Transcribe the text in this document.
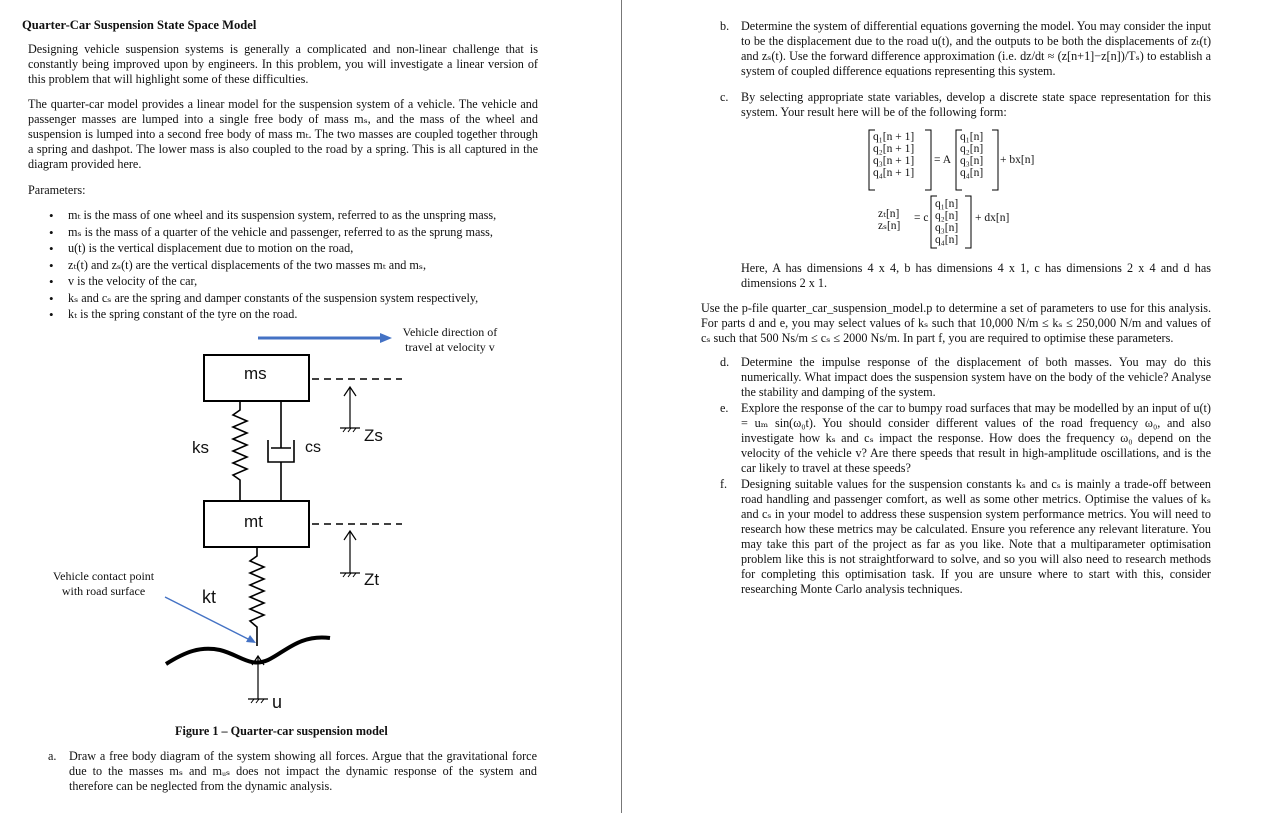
Quarter-Car Suspension State Space Model
Designing vehicle suspension systems is generally a complicated and non-linear challenge that is constantly being improved upon by engineers. In this problem, you will investigate a linear version of this problem that will highlight some of these difficulties.
The quarter-car model provides a linear model for the suspension system of a vehicle. The vehicle and passenger masses are lumped into a single free body of mass mₛ, and the mass of the wheel and suspension is lumped into a second free body of mass mₜ. The two masses are coupled together through a spring and dashpot. The lower mass is also coupled to the road by a spring. This is all captured in the diagram provided here.
Parameters:
• mₜ is the mass of one wheel and its suspension system, referred to as the unspring mass,
• mₛ is the mass of a quarter of the vehicle and passenger, referred to as the sprung mass,
• u(t) is the vertical displacement due to motion on the road,
• zₜ(t) and zₛ(t) are the vertical displacements of the two masses mₜ and mₛ,
• v is the velocity of the car,
• kₛ and cₛ are the spring and damper constants of the suspension system respectively,
• kₜ is the spring constant of the tyre on the road.
Vehicle direction of travel at velocity v
ms
mt
ks	cs
Zs
Zt
kt
u
Vehicle contact point with road surface
Figure 1 – Quarter-car suspension model
a.	Draw a free body diagram of the system showing all forces. Argue that the gravitational force due to the masses mₛ and mᵤₛ does not impact the dynamic response of the system and therefore can be neglected from the dynamic analysis.
b. Determine the system of differential equations governing the model. You may consider the input to be the displacement due to the road u(t), and the outputs to be both the displacements of zₜ(t) and zₛ(t). Use the forward difference approximation (i.e. dz/dt ≈ (z[n+1]−z[n])/Tₛ) to establish a system of coupled difference equations representing this system.
c.	By selecting appropriate state variables, develop a discrete state space representation for this system. Your result here will be of the following form:
q₁[n + 1]
q₂[n + 1]
q₃[n + 1]
q₄[n + 1]
= A
q₁[n]
q₂[n]
q₃[n]
q₄[n]
+ bx[n]
zₜ[n]
zₛ[n]
= c
q₁[n]
q₂[n]
q₃[n]
q₄[n]
+ dx[n]
Here, A has dimensions 4 x 4, b has dimensions 4 x 1, c has dimensions 2 x 4 and d has dimensions 2 x 1.
Use the p-file quarter_car_suspension_model.p to determine a set of parameters to use for this analysis. For parts d and e, you may select values of kₛ such that 10,000 N/m ≤ kₛ ≤ 250,000 N/m and values of cₛ such that 500 Ns/m ≤ cₛ ≤ 2000 Ns/m. In part f, you are required to optimise these parameters.
d. Determine the impulse response of the displacement of both masses. You may do this numerically. What impact does the suspension system have on the body of the vehicle? Analyse the stability and damping of the system.
e.	Explore the response of the car to bumpy road surfaces that may be modelled by an input of u(t) = uₘ sin(ω₀t). You should consider different values of the road frequency ω₀, and also investigate how kₛ and cₛ impact the response. How does the frequency ω₀ depend on the velocity of the vehicle v? Are there speeds that result in high-amplitude oscillations, and is the car likely to travel at these speeds?
f.	Designing suitable values for the suspension constants kₛ and cₛ is mainly a trade-off between road handling and passenger comfort, as well as some other metrics. Optimise the values of kₛ and cₛ in your model to address these suspension system performance metrics. You will need to research how these metrics may be calculated. Ensure you reference any relevant literature. You may take this part of the project as far as you like. Note that a multiparameter optimisation problem like this is not straightforward to solve, and so you will also need to research methods for completing this optimisation task. If you are unsure where to start with this, consider researching Monte Carlo analysis techniques.
